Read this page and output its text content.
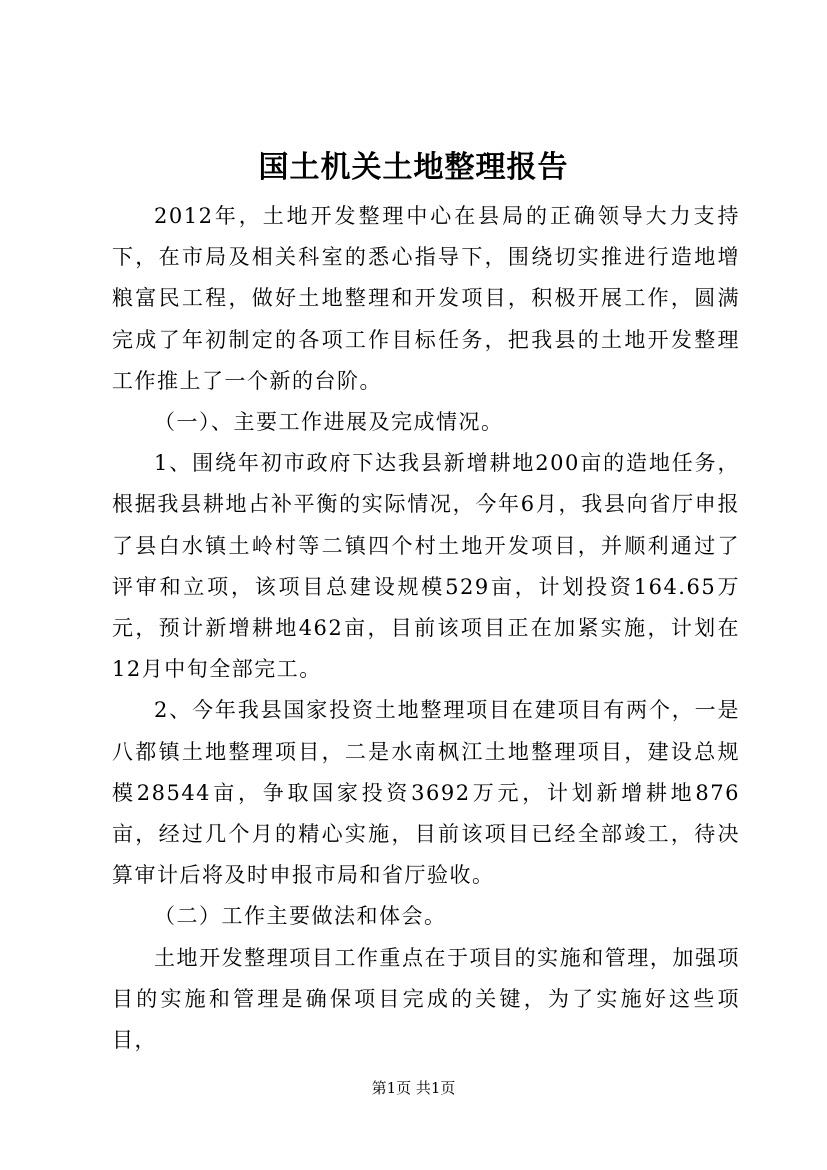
国土机关土地整理报告

2012年，土地开发整理中心在县局的正确领导大力支持下，在市局及相关科室的悉心指导下，围绕切实推进行造地增粮富民工程，做好土地整理和开发项目，积极开展工作，圆满完成了年初制定的各项工作目标任务，把我县的土地开发整理工作推上了一个新的台阶。

（一）、主要工作进展及完成情况。

1、围绕年初市政府下达我县新增耕地200亩的造地任务，根据我县耕地占补平衡的实际情况，今年6月，我县向省厅申报了县白水镇土岭村等二镇四个村土地开发项目，并顺利通过了评审和立项，该项目总建设规模529亩，计划投资164.65万元，预计新增耕地462亩，目前该项目正在加紧实施，计划在12月中旬全部完工。

2、今年我县国家投资土地整理项目在建项目有两个，一是八都镇土地整理项目，二是水南枫江土地整理项目，建设总规模28544亩，争取国家投资3692万元，计划新增耕地876亩，经过几个月的精心实施，目前该项目已经全部竣工，待决算审计后将及时申报市局和省厅验收。

（二）工作主要做法和体会。

土地开发整理项目工作重点在于项目的实施和管理，加强项目的实施和管理是确保项目完成的关键，为了实施好这些项目，

第1页 共1页
